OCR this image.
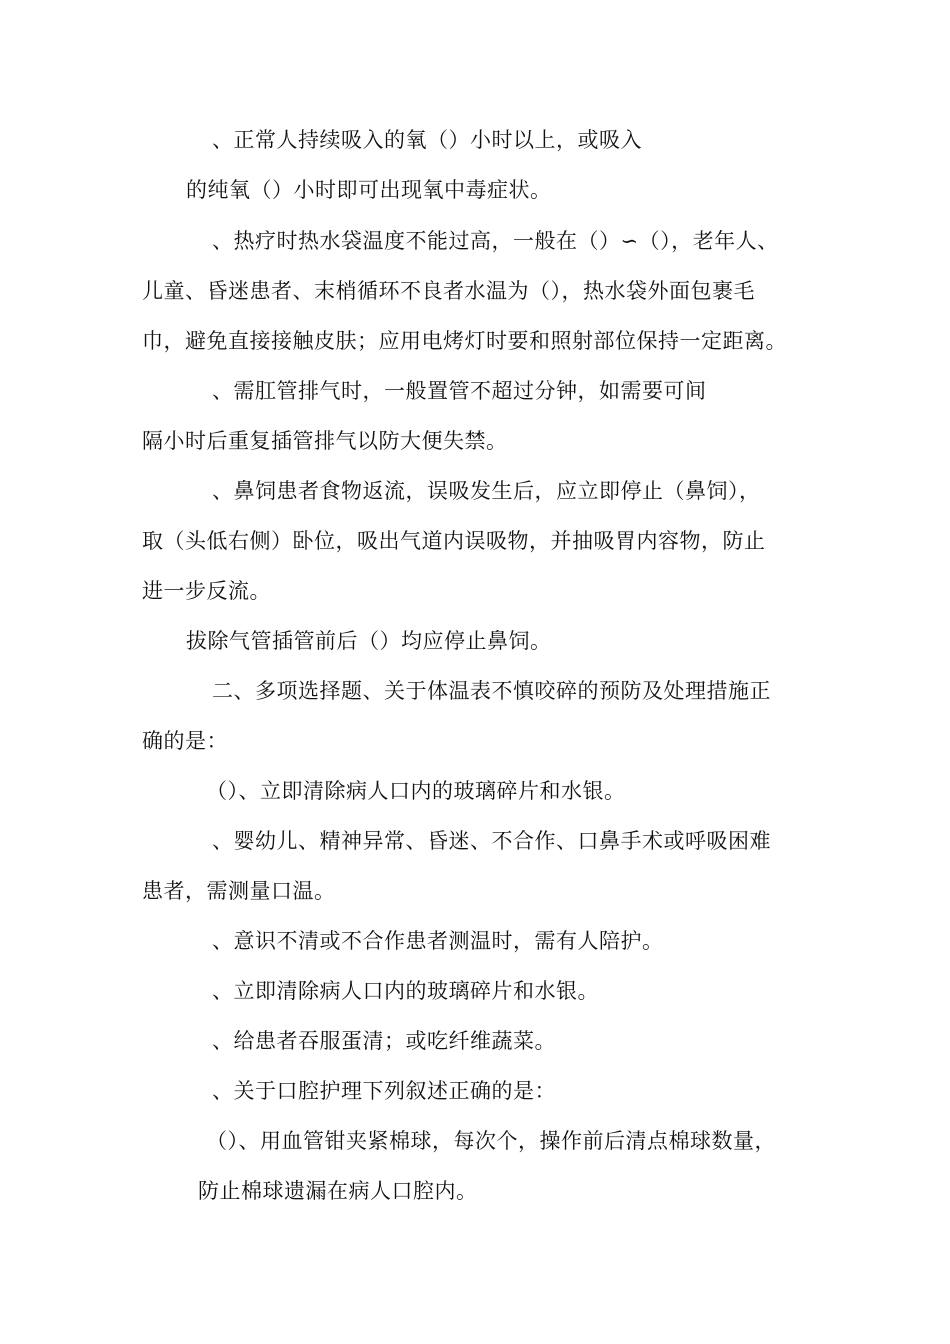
、正常人持续吸入的氧（）小时以上，或吸入
的纯氧（）小时即可出现氧中毒症状。
、热疗时热水袋温度不能过高，一般在（）∽（），老年人、
儿童、昏迷患者、末梢循环不良者水温为（），热水袋外面包裹毛
巾，避免直接接触皮肤；应用电烤灯时要和照射部位保持一定距离。
、需肛管排气时，一般置管不超过分钟，如需要可间
隔小时后重复插管排气以防大便失禁。
、鼻饲患者食物返流，误吸发生后，应立即停止（鼻饲），
取（头低右侧）卧位，吸出气道内误吸物，并抽吸胃内容物，防止
进一步反流。
拔除气管插管前后（）均应停止鼻饲。
二、多项选择题、关于体温表不慎咬碎的预防及处理措施正
确的是：
（）、立即清除病人口内的玻璃碎片和水银。
、婴幼儿、精神异常、昏迷、不合作、口鼻手术或呼吸困难
患者，需测量口温。
、意识不清或不合作患者测温时，需有人陪护。
、立即清除病人口内的玻璃碎片和水银。
、给患者吞服蛋清；或吃纤维蔬菜。
、关于口腔护理下列叙述正确的是：
（）、用血管钳夹紧棉球，每次个，操作前后清点棉球数量，
防止棉球遗漏在病人口腔内。
